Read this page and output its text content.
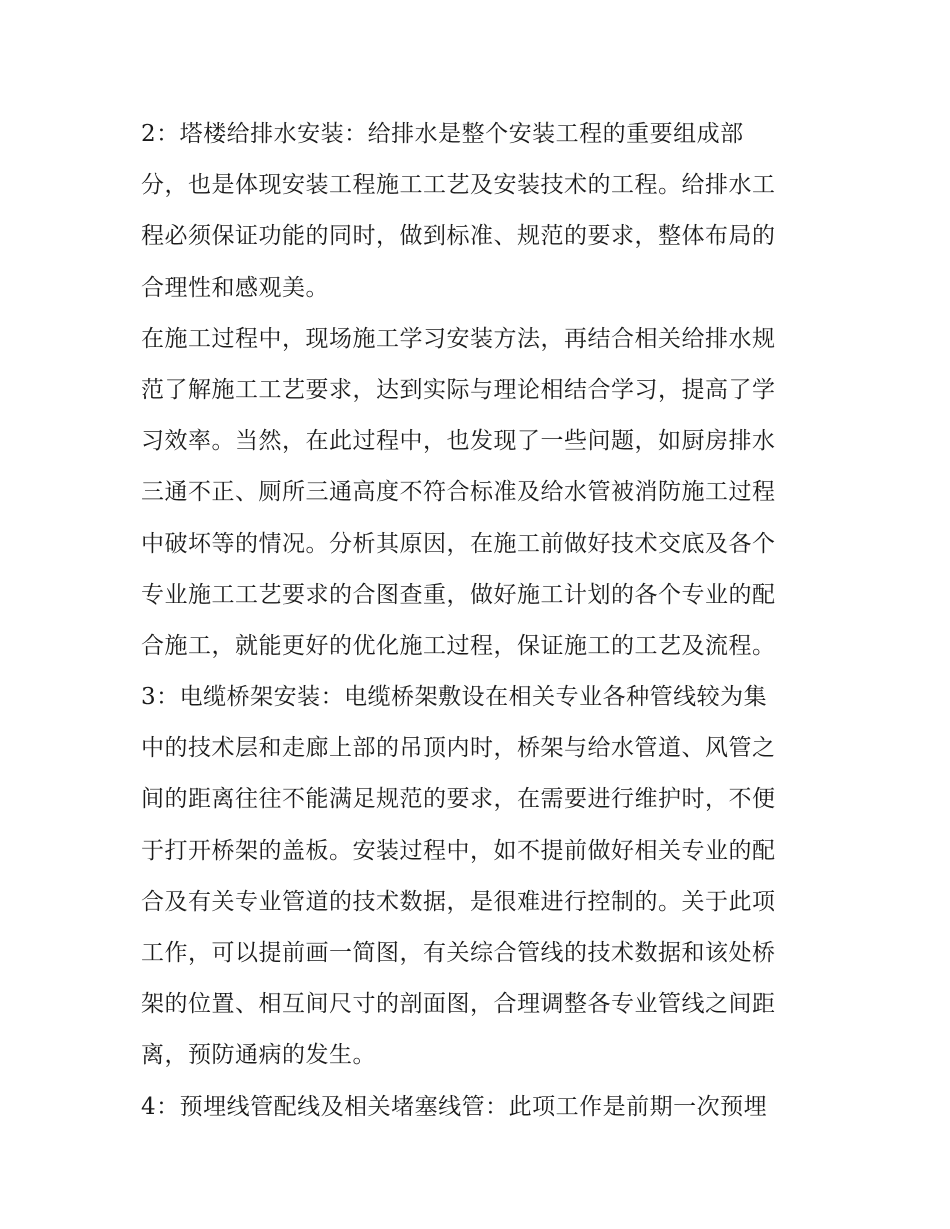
2：塔楼给排水安装：给排水是整个安装工程的重要组成部
分，也是体现安装工程施工工艺及安装技术的工程。给排水工
程必须保证功能的同时，做到标准、规范的要求，整体布局的
合理性和感观美。
在施工过程中，现场施工学习安装方法，再结合相关给排水规
范了解施工工艺要求，达到实际与理论相结合学习，提高了学
习效率。当然，在此过程中，也发现了一些问题，如厨房排水
三通不正、厕所三通高度不符合标准及给水管被消防施工过程
中破坏等的情况。分析其原因，在施工前做好技术交底及各个
专业施工工艺要求的合图查重，做好施工计划的各个专业的配
合施工，就能更好的优化施工过程，保证施工的工艺及流程。
3：电缆桥架安装：电缆桥架敷设在相关专业各种管线较为集
中的技术层和走廊上部的吊顶内时，桥架与给水管道、风管之
间的距离往往不能满足规范的要求，在需要进行维护时，不便
于打开桥架的盖板。安装过程中，如不提前做好相关专业的配
合及有关专业管道的技术数据，是很难进行控制的。关于此项
工作，可以提前画一简图，有关综合管线的技术数据和该处桥
架的位置、相互间尺寸的剖面图，合理调整各专业管线之间距
离，预防通病的发生。
4：预埋线管配线及相关堵塞线管：此项工作是前期一次预埋
